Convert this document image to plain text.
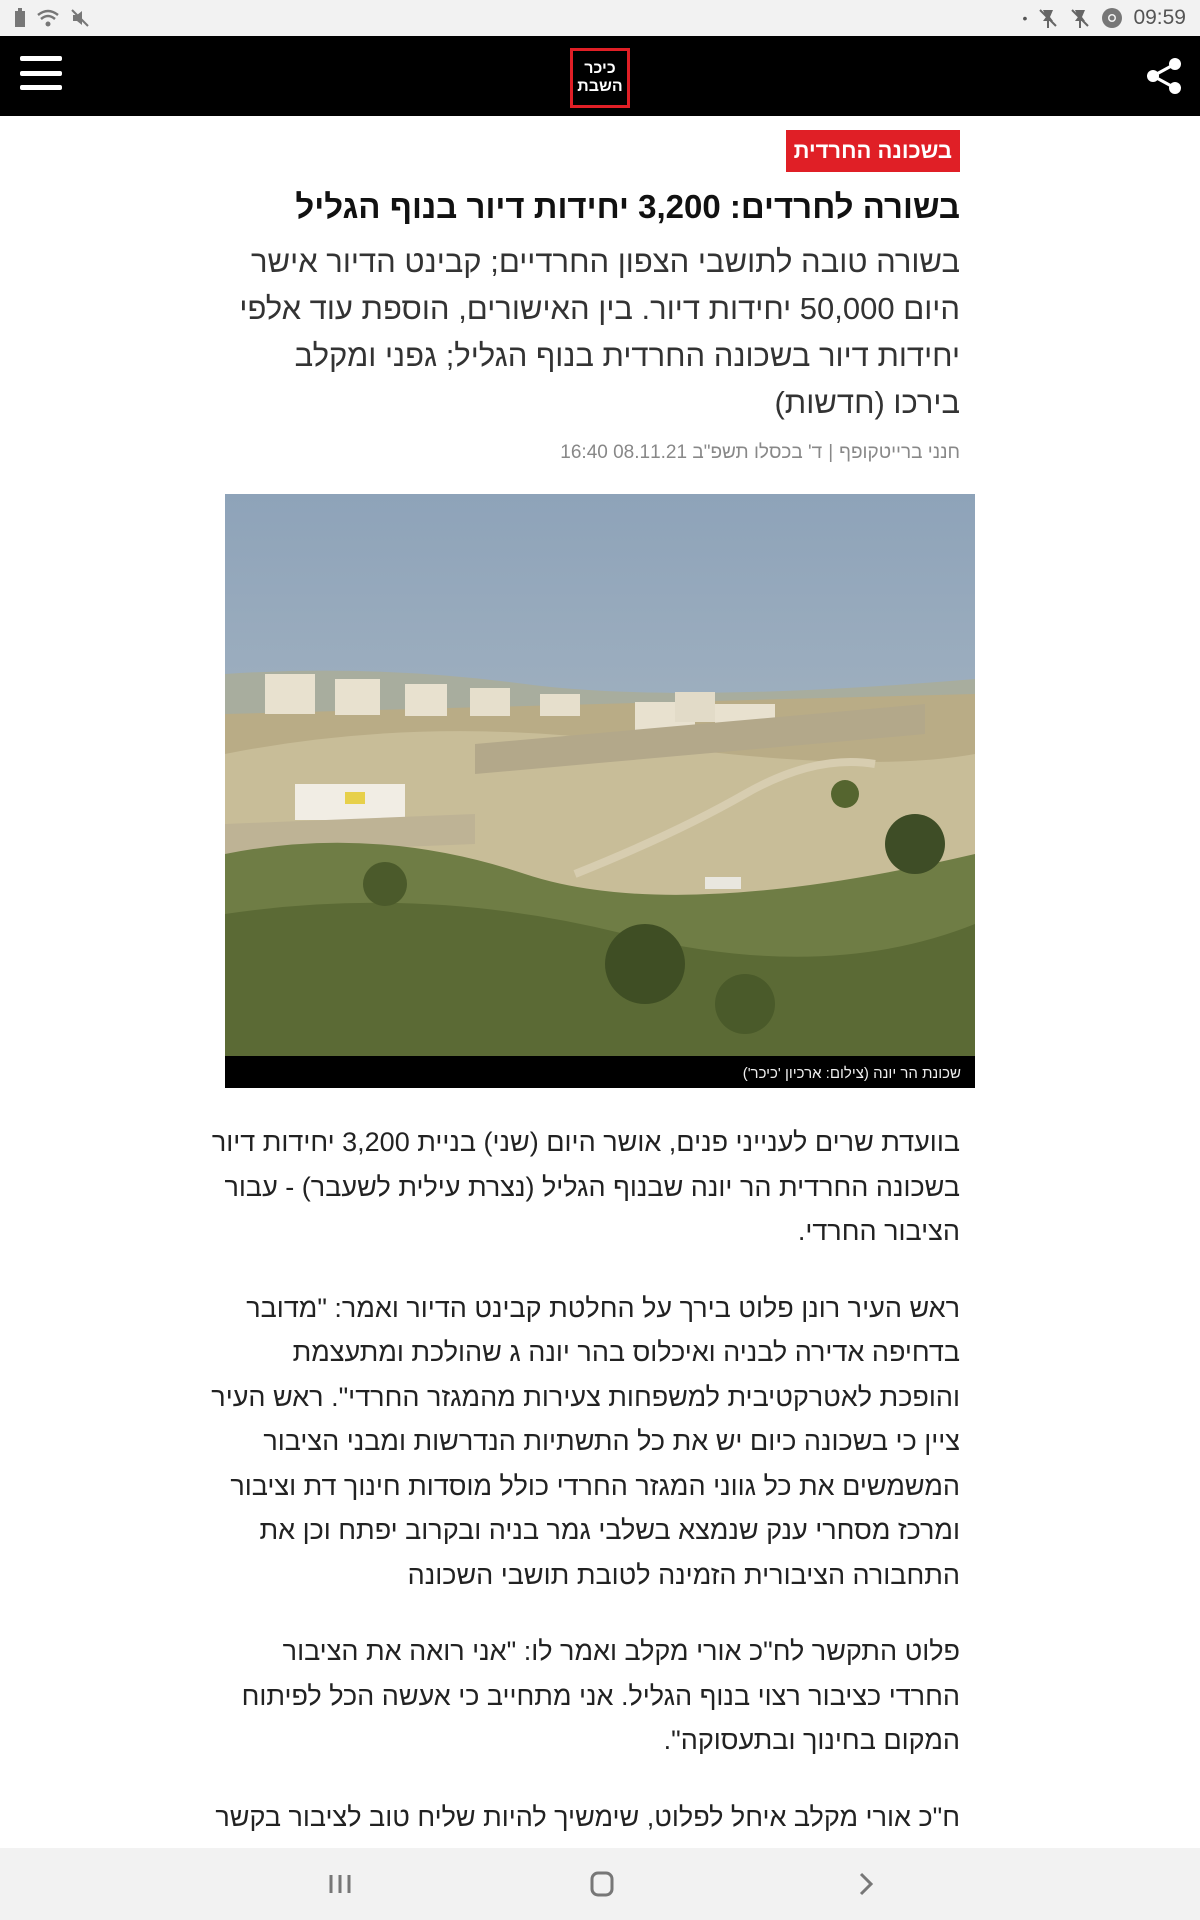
•	09:59
כיכר
השבת
בשכונה החרדית
בשורה לחרדים: 3,200 יחידות דיור בנוף הגליל
בשורה טובה לתושבי הצפון החרדיים; קבינט הדיור אישר היום 50,000 יחידות דיור. בין האישורים, הוספת עוד אלפי יחידות דיור בשכונה החרדית בנוף הגליל; גפני ומקלב בירכו (חדשות)
חנני ברייטקופף
|
ד' בכסלו תשפ"ב 08.11.21 16:40
שכונת הר יונה (צילום: ארכיון 'כיכר')

בוועדת שרים לענייני פנים, אושר היום (שני) בניית 3,200 יחידות דיור בשכונה החרדית הר יונה שבנוף הגליל (נצרת עילית לשעבר) - עבור הציבור החרדי.

ראש העיר רונן פלוט בירך על החלטת קבינט הדיור ואמר: "מדובר בדחיפה אדירה לבניה ואיכלוס בהר יונה ג שהולכת ומתעצמת והופכת לאטרקטיבית למשפחות צעירות מהמגזר החרדי". ראש העיר ציין כי בשכונה כיום יש את כל התשתיות הנדרשות ומבני הציבור המשמשים את כל גווני המגזר החרדי כולל מוסדות חינוך דת וציבור ומרכז מסחרי ענק שנמצא בשלבי גמר בניה ובקרוב יפתח וכן את התחבורה הציבורית הזמינה לטובת תושבי השכונה

פלוט התקשר לח"כ אורי מקלב ואמר לו: "אני רואה את הציבור החרדי כציבור רצוי בנוף הגליל. אני מתחייב כי אעשה הכל לפיתוח המקום בחינוך ובתעסוקה".

ח"כ אורי מקלב איחל לפלוט, שימשיך להיות שליח טוב לציבור בקשר
